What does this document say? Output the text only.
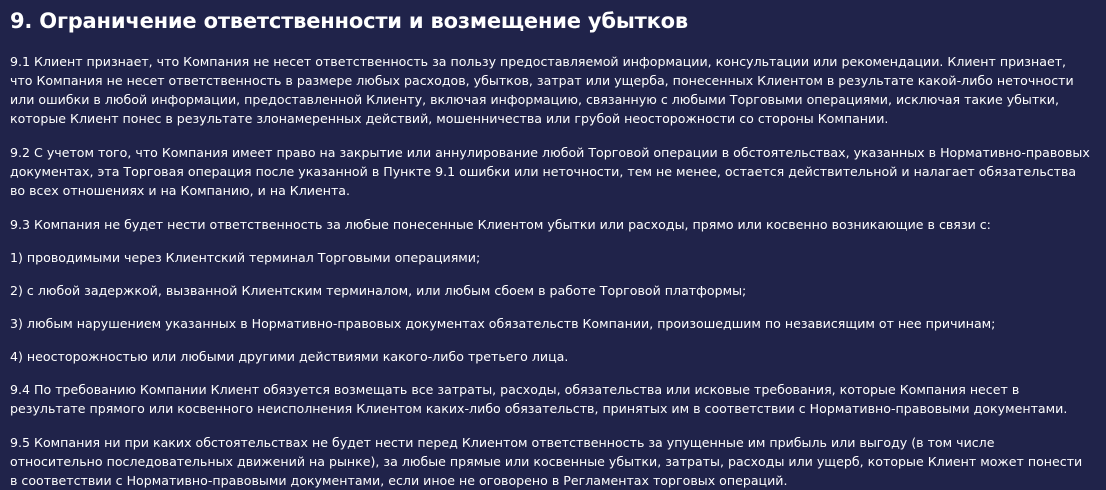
9. Ограничение ответственности и возмещение убытков

9.1 Клиент признает, что Компания не несет ответственность за пользу предоставляемой информации, консультации или рекомендации. Клиент признает, что Компания не несет ответственность в размере любых расходов, убытков, затрат или ущерба, понесенных Клиентом в результате какой-либо неточности или ошибки в любой информации, предоставленной Клиенту, включая информацию, связанную с любыми Торговыми операциями, исключая такие убытки, которые Клиент понес в результате злонамеренных действий, мошенничества или грубой неосторожности со стороны Компании.

9.2 С учетом того, что Компания имеет право на закрытие или аннулирование любой Торговой операции в обстоятельствах, указанных в Нормативно-правовых документах, эта Торговая операция после указанной в Пункте 9.1 ошибки или неточности, тем не менее, остается действительной и налагает обязательства во всех отношениях и на Компанию, и на Клиента.

9.3 Компания не будет нести ответственность за любые понесенные Клиентом убытки или расходы, прямо или косвенно возникающие в связи с:

1) проводимыми через Клиентский терминал Торговыми операциями;

2) с любой задержкой, вызванной Клиентским терминалом, или любым сбоем в работе Торговой платформы;

3) любым нарушением указанных в Нормативно-правовых документах обязательств Компании, произошедшим по независящим от нее причинам;

4) неосторожностью или любыми другими действиями какого-либо третьего лица.

9.4 По требованию Компании Клиент обязуется возмещать все затраты, расходы, обязательства или исковые требования, которые Компания несет в результате прямого или косвенного неисполнения Клиентом каких-либо обязательств, принятых им в соответствии с Нормативно-правовыми документами.

9.5 Компания ни при каких обстоятельствах не будет нести перед Клиентом ответственность за упущенные им прибыль или выгоду (в том числе относительно последовательных движений на рынке), за любые прямые или косвенные убытки, затраты, расходы или ущерб, которые Клиент может понести в соответствии с Нормативно-правовыми документами, если иное не оговорено в Регламентах торговых операций.
